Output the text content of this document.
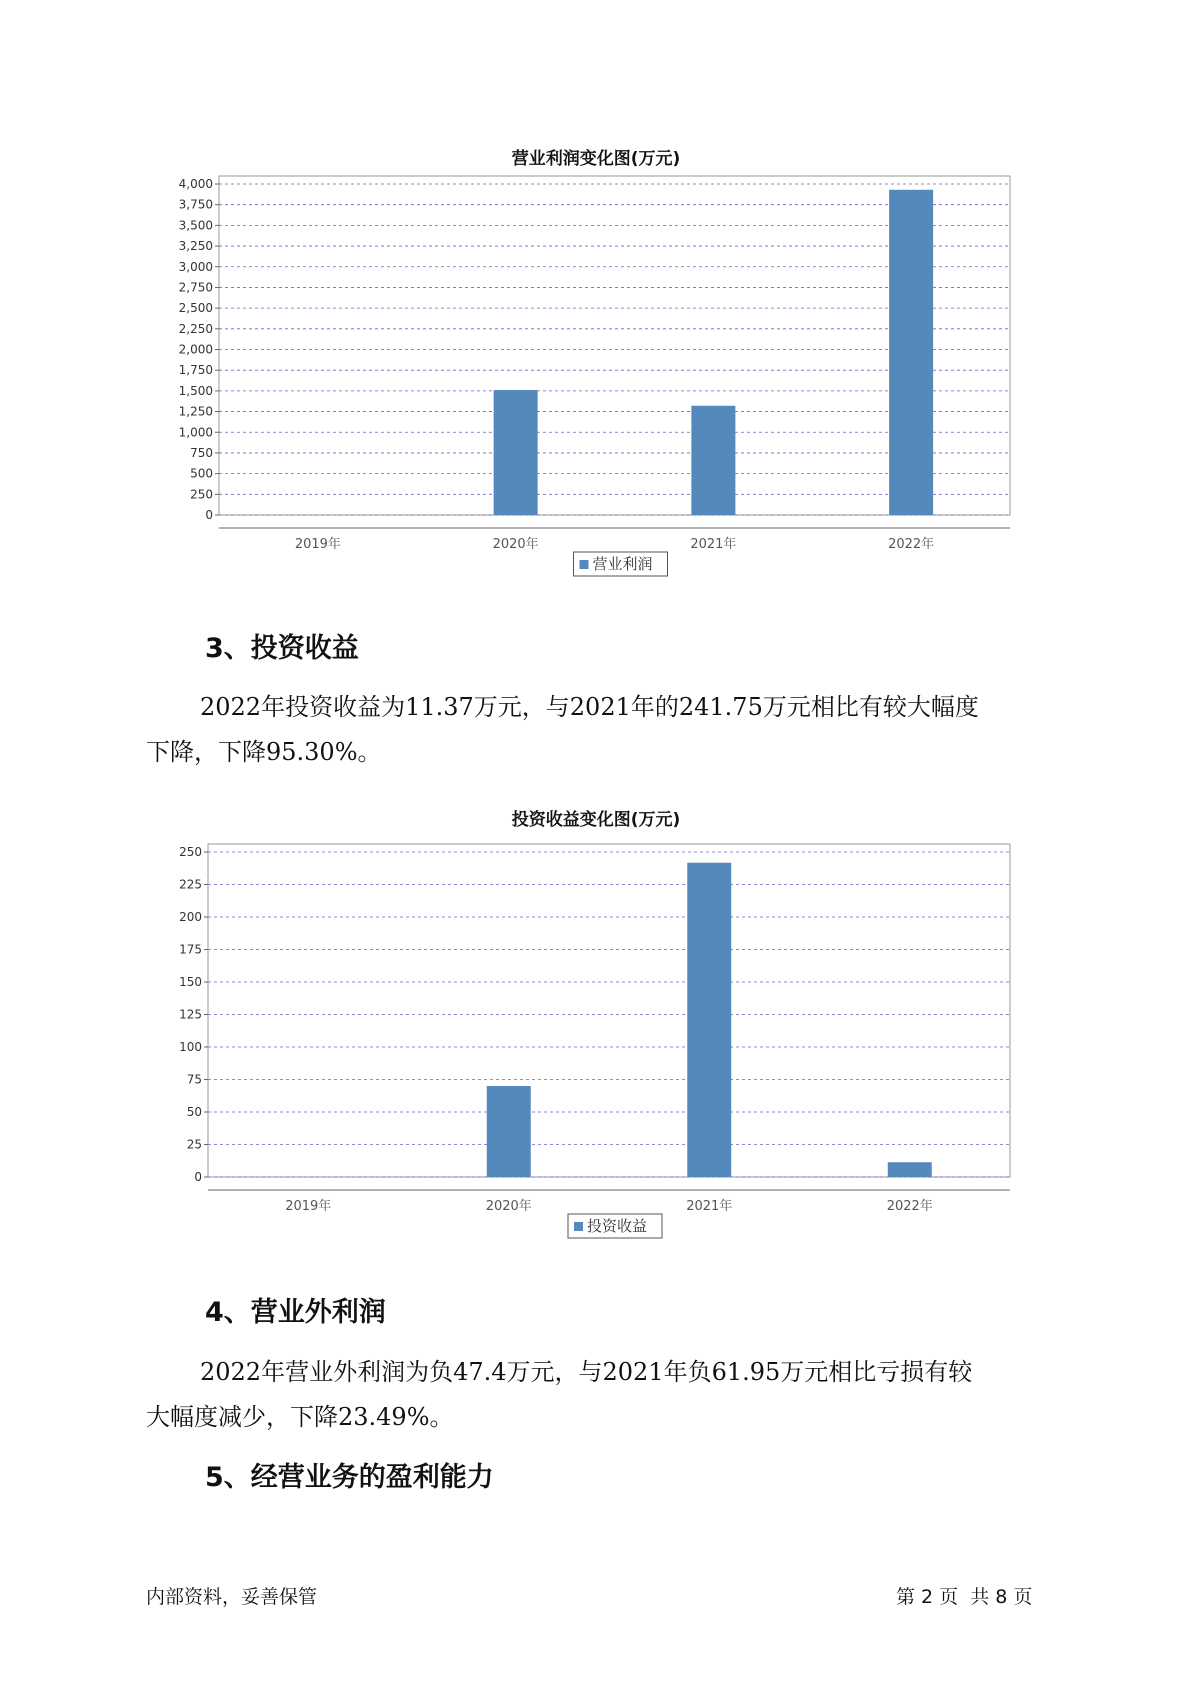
营业利润变化图(万元)
0
250
500
750
1,000
1,250
1,500
1,750
2,000
2,250
2,500
2,750
3,000
3,250
3,500
3,750
4,000
2019年	2020年	2021年	2022年
营业利润
3、投资收益
2022年投资收益为11.37万元，与2021年的241.75万元相比有较大幅度
下降，下降95.30%。
投资收益变化图(万元)
0
25
50
75
100
125
150
175
200
225
250
2019年	2020年	2021年	2022年
投资收益
4、营业外利润
2022年营业外利润为负47.4万元，与2021年负61.95万元相比亏损有较
大幅度减少，下降23.49%。
5、经营业务的盈利能力
内部资料，妥善保管	第 2 页  共 8 页
